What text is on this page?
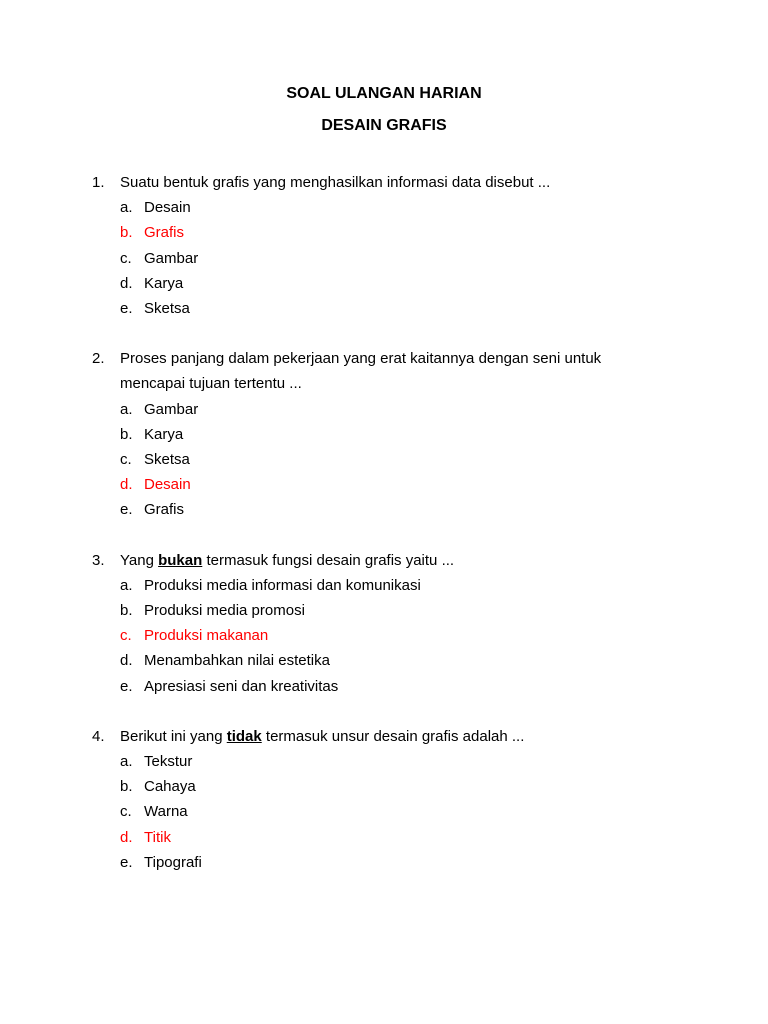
SOAL ULANGAN HARIAN
DESAIN GRAFIS
1.	Suatu bentuk grafis yang menghasilkan informasi data disebut ...
a. Desain
b. Grafis
c. Gambar
d. Karya
e. Sketsa
2.	Proses panjang dalam pekerjaan yang erat kaitannya dengan seni untuk
mencapai tujuan tertentu ...
a. Gambar
b. Karya
c. Sketsa
d. Desain
e. Grafis
3.	Yang bukan termasuk fungsi desain grafis yaitu ...
a. Produksi media informasi dan komunikasi
b. Produksi media promosi
c. Produksi makanan
d. Menambahkan nilai estetika
e. Apresiasi seni dan kreativitas
4.	Berikut ini yang tidak termasuk unsur desain grafis adalah ...
a. Tekstur
b. Cahaya
c. Warna
d. Titik
e. Tipografi
